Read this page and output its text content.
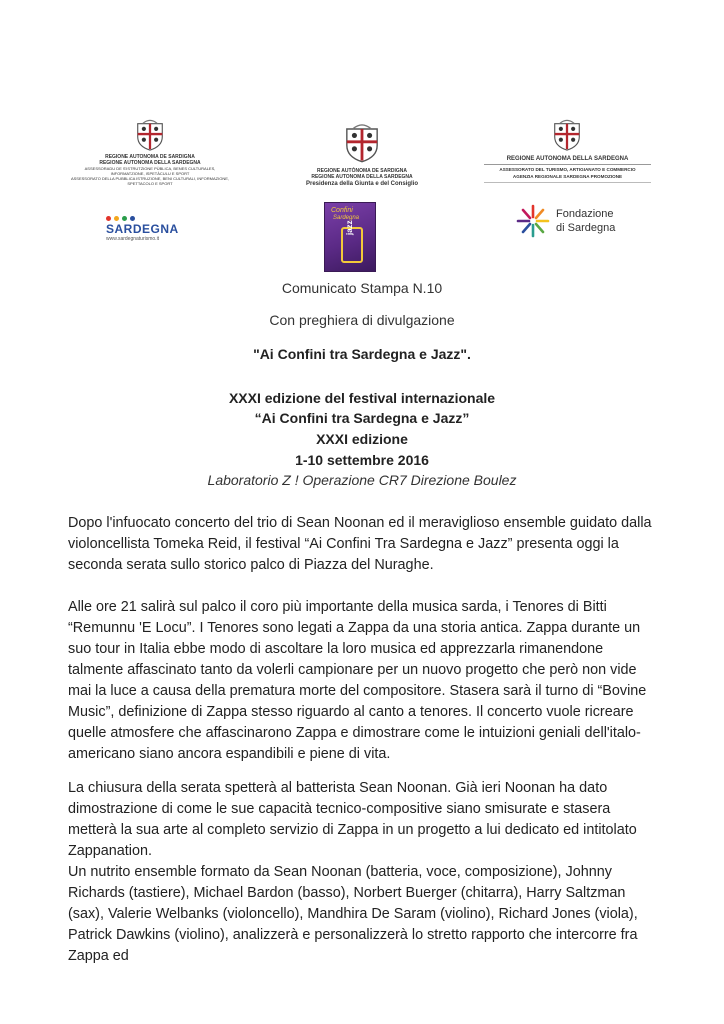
REGIONE AUTONOMA DE SARDIGNA
REGIONE AUTONOMA DELLA SARDEGNA
ASSESSORADU DE S'ISTRUTZIONE PÙBLICA, BENES CULTURALES, INFORMATZIONE, ISPETÀCULU E SPORT
ASSESSORATO DELLA PUBBLICA ISTRUZIONE, BENI CULTURALI, INFORMAZIONE, SPETTACOLO E SPORT
REGIONE AUTÒNOMA DE SARDIGNA
REGIONE AUTONOMA DELLA SARDEGNA
Presidenza della Giunta e del Consiglio
REGIONE AUTONOMA DELLA SARDEGNA
ASSESSORATO DEL TURISMO, ARTIGIANATO E COMMERCIO
AGENZIA REGIONALE SARDEGNA PROMOZIONE
SARDEGNA
www.sardegnaturismo.it
Confini
Sardegna
jazz
Fondazione
di Sardegna
Comunicato Stampa N.10
Con preghiera di divulgazione
"Ai Confini tra Sardegna e Jazz".
XXXI edizione del festival internazionale
“Ai Confini tra Sardegna e Jazz”
XXXI edizione
1-10 settembre 2016
Laboratorio Z ! Operazione CR7 Direzione Boulez

Dopo l'infuocato concerto del trio di Sean Noonan ed il meraviglioso ensemble guidato dalla violoncellista Tomeka Reid, il festival “Ai Confini Tra Sardegna e Jazz” presenta oggi la seconda serata sullo storico palco di Piazza del Nuraghe.

Alle ore 21 salirà sul palco il coro più importante della musica sarda, i Tenores di Bitti “Remunnu 'E Locu”. I Tenores sono legati a Zappa da una storia antica. Zappa durante un suo tour in Italia ebbe modo di ascoltare la loro musica ed apprezzarla rimanendone talmente affascinato tanto da volerli campionare per un nuovo progetto che però non vide mai la luce a causa della prematura morte del compositore. Stasera sarà il turno di “Bovine Music”, definizione di Zappa stesso riguardo al canto a tenores. Il concerto vuole ricreare quelle atmosfere che affascinarono Zappa e dimostrare come le intuizioni geniali dell'italo-americano siano ancora espandibili e piene di vita.

La chiusura della serata spetterà al batterista Sean Noonan. Già ieri Noonan ha dato dimostrazione di come le sue capacità tecnico-compositive siano smisurate e stasera metterà la sua arte al completo servizio di Zappa in un progetto a lui dedicato ed intitolato Zappanation.

Un nutrito ensemble formato da Sean Noonan (batteria, voce, composizione), Johnny Richards (tastiere), Michael Bardon (basso), Norbert Buerger (chitarra), Harry Saltzman (sax), Valerie Welbanks (violoncello), Mandhira De Saram (violino), Richard Jones (viola), Patrick Dawkins (violino), analizzerà e personalizzerà lo stretto rapporto che intercorre fra Zappa ed
